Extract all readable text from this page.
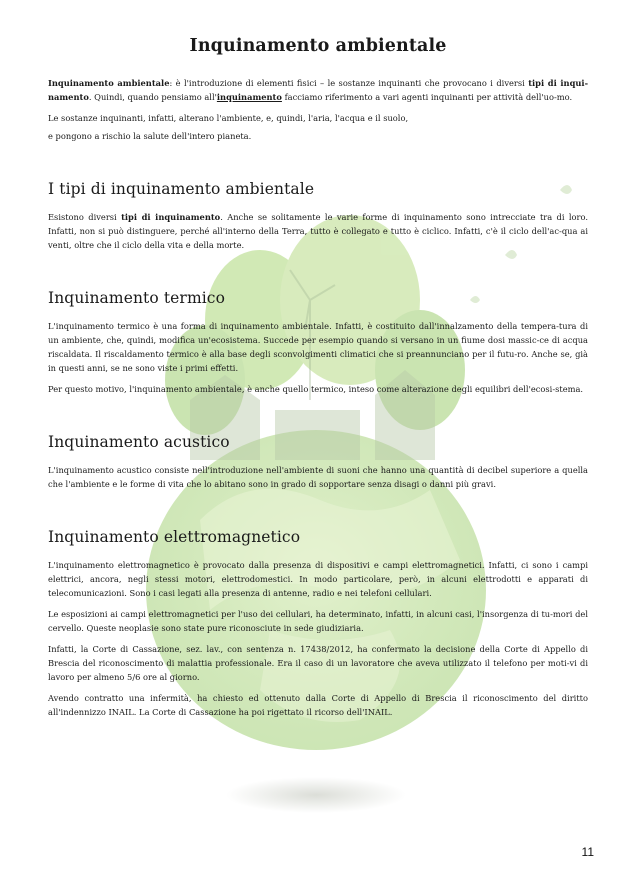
Inquinamento ambientale

Inquinamento ambientale: è l'introduzione di elementi fisici – le sostanze inquinanti che provocano i diversi tipi di inqui-namento. Quindi, quando pensiamo all'inquinamento facciamo riferimento a vari agenti inquinanti per attività dell'uo-mo.

Le sostanze inquinanti, infatti, alterano l'ambiente, e, quindi, l'aria, l'acqua e il suolo,

e pongono a rischio la salute dell'intero pianeta.

I tipi di inquinamento ambientale

Esistono diversi tipi di inquinamento. Anche se solitamente le varie forme di inquinamento sono intrecciate tra di loro. Infatti, non si può distinguere, perché all'interno della Terra, tutto è collegato e tutto è ciclico. Infatti, c'è il ciclo dell'ac-qua ai venti, oltre che il ciclo della vita e della morte.

Inquinamento termico

L'inquinamento termico è una forma di inquinamento ambientale. Infatti, è costituito dall'innalzamento della tempera-tura di un ambiente, che, quindi, modifica un'ecosistema. Succede per esempio quando si versano in un fiume dosi massic-ce di acqua riscaldata. Il riscaldamento termico è alla base degli sconvolgimenti climatici che si preannunciano per il futu-ro. Anche se, già in questi anni, se ne sono viste i primi effetti.

Per questo motivo, l'inquinamento ambientale, è anche quello termico, inteso come alterazione degli equilibri dell'ecosi-stema.

Inquinamento acustico

L'inquinamento acustico consiste nell'introduzione nell'ambiente di suoni che hanno una quantità di decibel superiore a quella che l'ambiente e le forme di vita che lo abitano sono in grado di sopportare senza disagi o danni più gravi.

Inquinamento elettromagnetico

L'inquinamento elettromagnetico è provocato dalla presenza di dispositivi e campi elettromagnetici. Infatti, ci sono i campi elettrici, ancora, negli stessi motori, elettrodomestici. In modo particolare, però, in alcuni elettrodotti e apparati di telecomunicazioni. Sono i casi legati alla presenza di antenne, radio e nei telefoni cellulari.

Le esposizioni ai campi elettromagnetici per l'uso dei cellulari, ha determinato, infatti, in alcuni casi, l'insorgenza di tu-mori del cervello. Queste neoplasie sono state pure riconosciute in sede giudiziaria.

Infatti, la Corte di Cassazione, sez. lav., con sentenza n. 17438/2012, ha confermato la decisione della Corte di Appello di Brescia del riconoscimento di malattia professionale. Era il caso di un lavoratore che aveva utilizzato il telefono per moti-vi di lavoro per almeno 5/6 ore al giorno.

Avendo contratto una infermità, ha chiesto ed ottenuto dalla Corte di Appello di Brescia il riconoscimento del diritto all'indennizzo INAIL. La Corte di Cassazione ha poi rigettato il ricorso dell'INAIL.

11
